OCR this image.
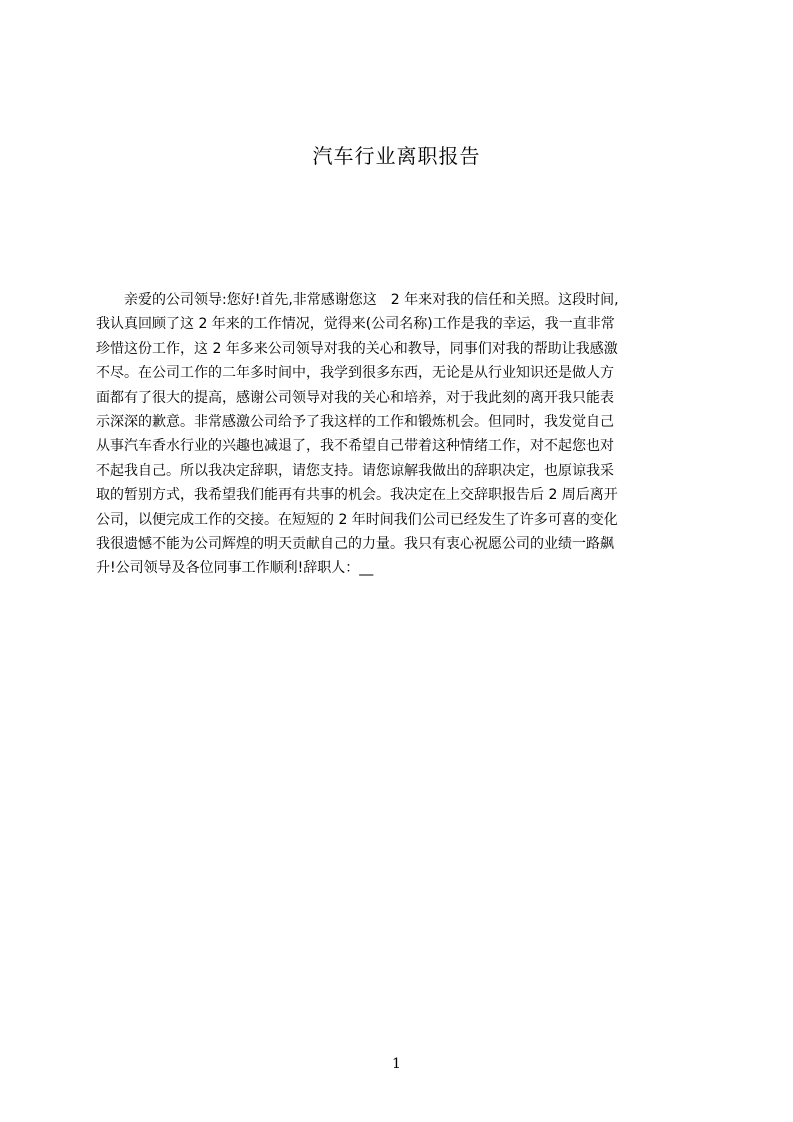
汽车行业离职报告
　　亲爱的公司领导:您好!首先,非常感谢您这　2 年来对我的信任和关照。这段时间,
我认真回顾了这 2 年来的工作情况，觉得来(公司名称)工作是我的幸运，我一直非常
珍惜这份工作，这 2 年多来公司领导对我的关心和教导，同事们对我的帮助让我感激
不尽。在公司工作的二年多时间中，我学到很多东西，无论是从行业知识还是做人方
面都有了很大的提高，感谢公司领导对我的关心和培养，对于我此刻的离开我只能表
示深深的歉意。非常感激公司给予了我这样的工作和锻炼机会。但同时，我发觉自己
从事汽车香水行业的兴趣也减退了，我不希望自己带着这种情绪工作，对不起您也对
不起我自己。所以我决定辞职，请您支持。请您谅解我做出的辞职决定，也原谅我采
取的暂别方式，我希望我们能再有共事的机会。我决定在上交辞职报告后 2 周后离开
公司，以便完成工作的交接。在短短的 2 年时间我们公司已经发生了许多可喜的变化
我很遗憾不能为公司辉煌的明天贡献自己的力量。我只有衷心祝愿公司的业绩一路飙
升!公司领导及各位同事工作顺利!辞职人：__
1
